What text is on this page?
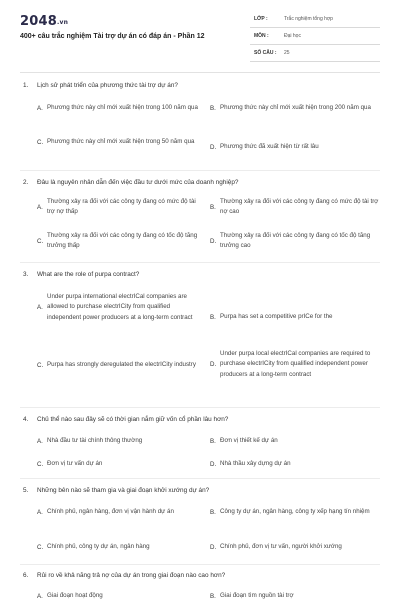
2048.vn
400+ câu trắc nghiệm Tài trợ dự án có đáp án - Phần 12
LỚP :	Trắc nghiệm tổng hợp
MÔN :	Đại học
SỐ CÂU : 25
1. Lịch sử phát triển của phương thức tài trợ dự án?
A. Phương thức này chỉ mới xuất hiện trong 100 năm qua B. Phương thức này chỉ mới xuất hiện trong 200 năm qua
C. Phương thức này chỉ mới xuất hiện trong 50 năm qua
D. Phương thức đã xuất hiện từ rất lâu
2. Đâu là nguyên nhân dẫn đến việc đầu tư dưới mức của doanh nghiệp?
A.
Thường xảy ra đối với các công ty đang có mức độ tài trợ nợ thấp
B.
Thường xảy ra đối với các công ty đang có mức độ tài trợ nợ cao
C.
Thường xảy ra đối với các công ty đang có tốc độ tăng trưởng thấp
D.
Thường xảy ra đối với các công ty đang có tốc độ tăng trưởng cao
3. What are the role of purpa contract?
A.
Under purpa international electrICal companies are allowed to purchase electrICity from qualified independent power producers at a long-term contract	B. Purpa has set a competitive prICe for the
C. Purpa has strongly deregulated the electrICity industry D.
Under purpa local electrICal companies are required to purchase electrICity from qualified independent power producers at a long-term contract
4. Chủ thể nào sau đây sẽ có thời gian nắm giữ vốn cổ phần lâu hơn?
A. Nhà đầu tư tài chính thông thường	B. Đơn vị thiết kế dự án
C. Đơn vị tư vấn dự án	D. Nhà thầu xây dựng dự án
5. Những bên nào sẽ tham gia và giai đoạn khởi xướng dự án?
A. Chính phủ, ngân hàng, đơn vị vận hành dự án	B. Công ty dự án, ngân hàng, công ty xếp hạng tín nhiệm
C. Chính phủ, công ty dự án, ngân hàng	D. Chính phủ, đơn vị tư vấn, người khởi xướng
6. Rủi ro về khả năng trả nợ của dự án trong giai đoạn nào cao hơn?
A. Giai đoạn hoạt động	B. Giai đoạn tìm nguồn tài trợ
